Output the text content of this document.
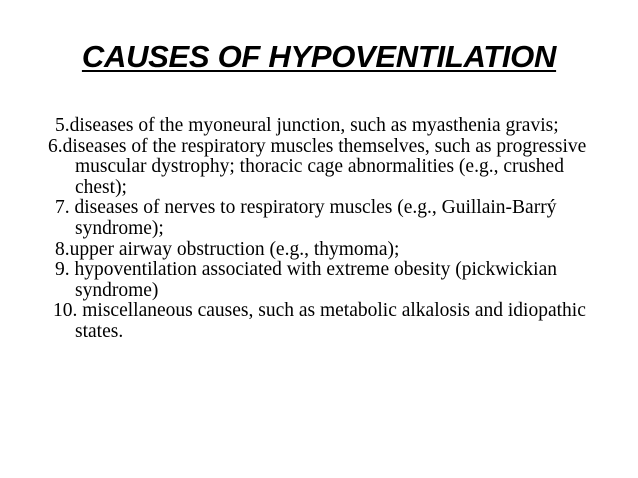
CAUSES OF HYPOVENTILATION
5.diseases of the myoneural junction, such as myasthenia gravis;
6.diseases of the respiratory muscles themselves, such as progressive muscular dystrophy; thoracic cage abnormalities (e.g., crushed chest);
7. diseases of nerves to respiratory muscles (e.g., Guillain-Barrý syndrome);
8.upper airway obstruction (e.g., thymoma);
9. hypoventilation associated with extreme obesity (pickwickian syndrome)
10. miscellaneous causes, such as metabolic alkalosis and idiopathic states.
